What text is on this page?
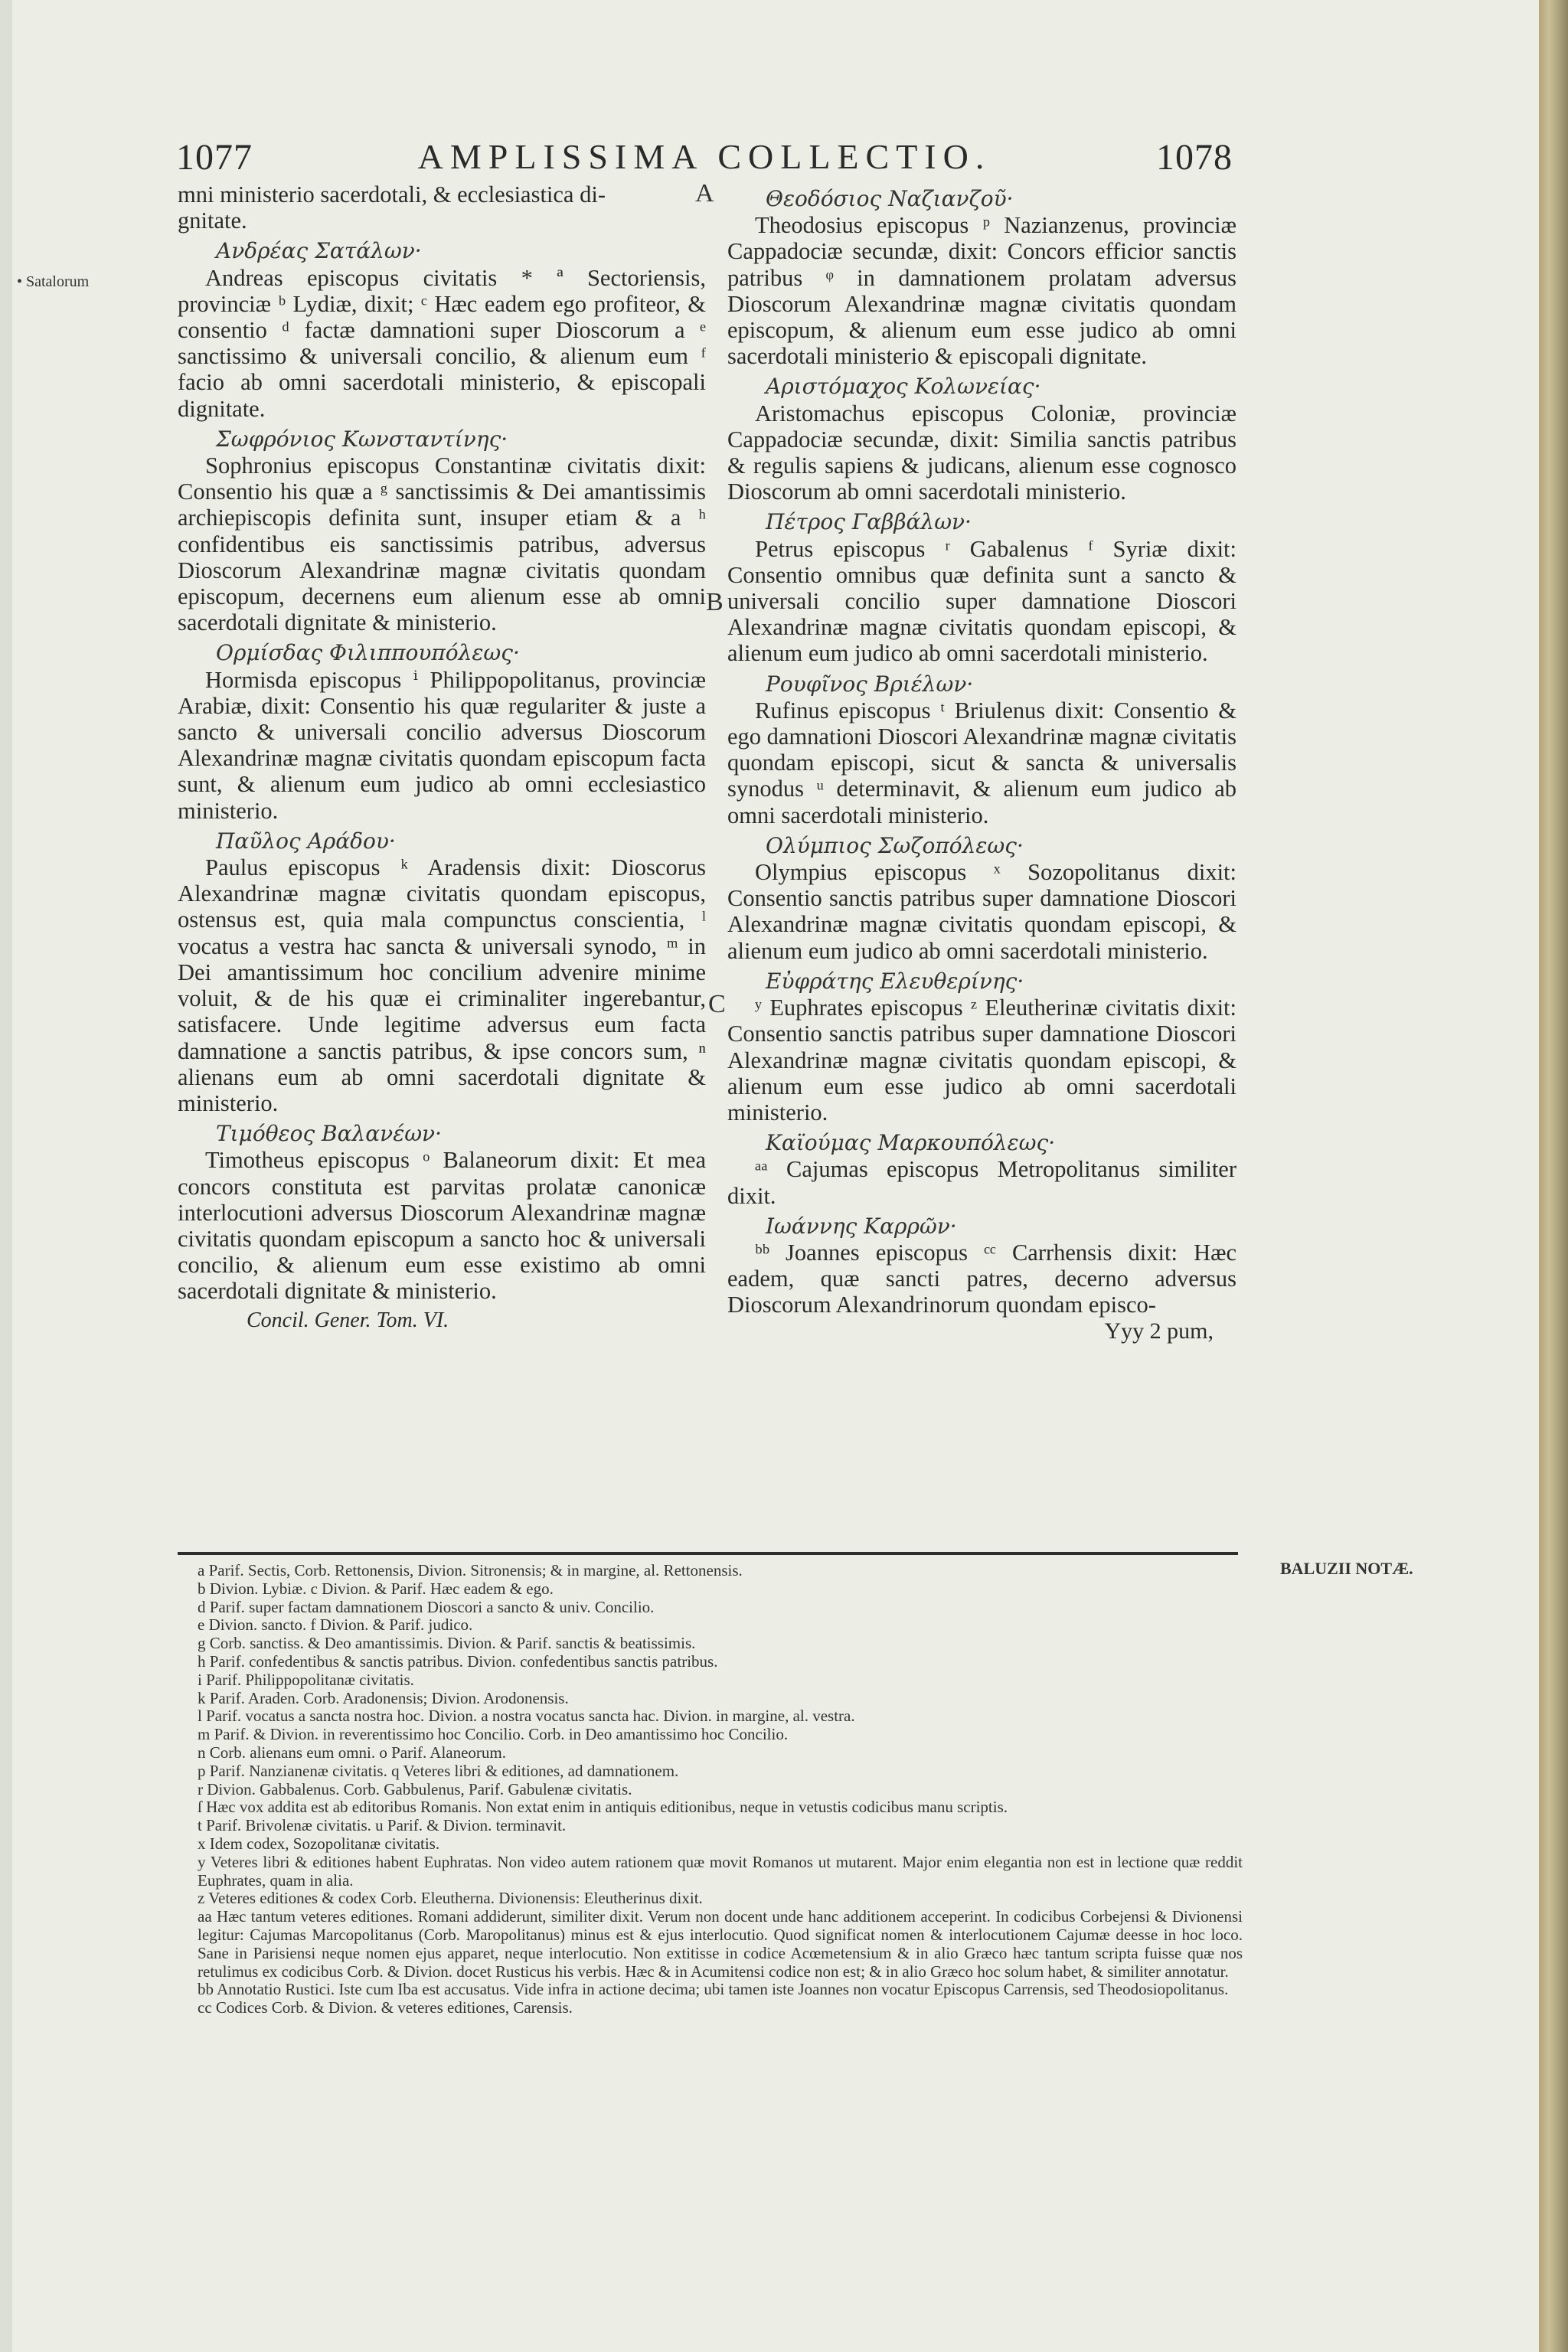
1077	AMPLISSIMA COLLECTIO.	1078
• Satalorum
A
B
C

mni ministerio sacerdotali, & ecclesiastica di-

gnitate.

Ανδρέας Σατάλων·

Andreas episcopus civitatis * ª Sectoriensis, provinciæ ᵇ Lydiæ, dixit; ᶜ Hæc eadem ego profiteor, & consentio ᵈ factæ damnationi super Dioscorum a ᵉ sanctissimo & universali concilio, & alienum eum ᶠ facio ab omni sacerdotali ministerio, & episcopali dignitate.

Σωφρόνιος Κωνσταντίνης·

Sophronius episcopus Constantinæ civitatis dixit: Consentio his quæ a ᵍ sanctissimis & Dei amantissimis archiepiscopis definita sunt, insuper etiam & a ʰ confidentibus eis sanctissimis patribus, adversus Dioscorum Alexandrinæ magnæ civitatis quondam episcopum, decernens eum alienum esse ab omni sacerdotali dignitate & ministerio.

Ορμίσδας Φιλιππουπόλεως·

Hormisda episcopus ⁱ Philippopolitanus, provinciæ Arabiæ, dixit: Consentio his quæ regulariter & juste a sancto & universali concilio adversus Dioscorum Alexandrinæ magnæ civitatis quondam episcopum facta sunt, & alienum eum judico ab omni ecclesiastico ministerio.

Παῦλος Αράδου·

Paulus episcopus ᵏ Aradensis dixit: Dioscorus Alexandrinæ magnæ civitatis quondam episcopus, ostensus est, quia mala compunctus conscientia, ˡ vocatus a vestra hac sancta & universali synodo, ᵐ in Dei amantissimum hoc concilium advenire minime voluit, & de his quæ ei criminaliter ingerebantur, satisfacere. Unde legitime adversus eum facta damnatione a sanctis patribus, & ipse concors sum, ⁿ alienans eum ab omni sacerdotali dignitate & ministerio.

Τιμόθεος Βαλανέων·

Timotheus episcopus ᵒ Balaneorum dixit: Et mea concors constituta est parvitas prolatæ canonicæ interlocutioni adversus Dioscorum Alexandrinæ magnæ civitatis quondam episcopum a sancto hoc & universali concilio, & alienum eum esse existimo ab omni sacerdotali dignitate & ministerio.

Concil. Gener. Tom. VI.

Θεοδόσιος Ναζιανζοῦ·

Theodosius episcopus ᵖ Nazianzenus, provinciæ Cappadociæ secundæ, dixit: Concors efficior sanctis patribus ᵠ in damnationem prolatam adversus Dioscorum Alexandrinæ magnæ civitatis quondam episcopum, & alienum eum esse judico ab omni sacerdotali ministerio & episcopali dignitate.

Αριστόμαχος Κολωνείας·

Aristomachus episcopus Coloniæ, provinciæ Cappadociæ secundæ, dixit: Similia sanctis patribus & regulis sapiens & judicans, alienum esse cognosco Dioscorum ab omni sacerdotali ministerio.

Πέτρος Γαββάλων·

Petrus episcopus ʳ Gabalenus ᶠ Syriæ dixit: Consentio omnibus quæ definita sunt a sancto & universali concilio super damnatione Dioscori Alexandrinæ magnæ civitatis quondam episcopi, & alienum eum judico ab omni sacerdotali ministerio.

Ρουφῖνος Βριέλων·

Rufinus episcopus ᵗ Briulenus dixit: Consentio & ego damnationi Dioscori Alexandrinæ magnæ civitatis quondam episcopi, sicut & sancta & universalis synodus ᵘ determinavit, & alienum eum judico ab omni sacerdotali ministerio.

Ολύμπιος Σωζοπόλεως·

Olympius episcopus ˣ Sozopolitanus dixit: Consentio sanctis patribus super damnatione Dioscori Alexandrinæ magnæ civitatis quondam episcopi, & alienum eum judico ab omni sacerdotali ministerio.

Εὐφράτης Ελευθερίνης·

ʸ Euphrates episcopus ᶻ Eleutherinæ civitatis dixit: Consentio sanctis patribus super damnatione Dioscori Alexandrinæ magnæ civitatis quondam episcopi, & alienum eum esse judico ab omni sacerdotali ministerio.

Καϊούμας Μαρκουπόλεως·

ᵃᵃ Cajumas episcopus Metropolitanus similiter dixit.

Ιωάννης Καρρῶν·

ᵇᵇ Joannes episcopus ᶜᶜ Carrhensis dixit: Hæc eadem, quæ sancti patres, decerno adversus Dioscorum Alexandrinorum quondam episco-

Yyy 2 pum,

BALUZII NOTÆ.

a Parif. Sectis, Corb. Rettonensis, Divion. Sitronensis; & in margine, al. Rettonensis.

b Divion. Lybiæ. c Divion. & Parif. Hæc eadem & ego.

d Parif. super factam damnationem Dioscori a sancto & univ. Concilio.

e Divion. sancto. f Divion. & Parif. judico.

g Corb. sanctiss. & Deo amantissimis. Divion. & Parif. sanctis & beatissimis.

h Parif. confedentibus & sanctis patribus. Divion. confedentibus sanctis patribus.

i Parif. Philippopolitanæ civitatis.

k Parif. Araden. Corb. Aradonensis; Divion. Arodonensis.

l Parif. vocatus a sancta nostra hoc. Divion. a nostra vocatus sancta hac. Divion. in margine, al. vestra.

m Parif. & Divion. in reverentissimo hoc Concilio. Corb. in Deo amantissimo hoc Concilio.

n Corb. alienans eum omni. o Parif. Alaneorum.

p Parif. Nanzianenæ civitatis. q Veteres libri & editiones, ad damnationem.

r Divion. Gabbalenus. Corb. Gabbulenus, Parif. Gabulenæ civitatis.

ſ Hæc vox addita est ab editoribus Romanis. Non extat enim in antiquis editionibus, neque in vetustis codicibus manu scriptis.

t Parif. Brivolenæ civitatis. u Parif. & Divion. terminavit.

x Idem codex, Sozopolitanæ civitatis.

y Veteres libri & editiones habent Euphratas. Non video autem rationem quæ movit Romanos ut mutarent. Major enim elegantia non est in lectione quæ reddit Euphrates, quam in alia.

z Veteres editiones & codex Corb. Eleutherna. Divionensis: Eleutherinus dixit.

aa Hæc tantum veteres editiones. Romani addiderunt, similiter dixit. Verum non docent unde hanc additionem acceperint. In codicibus Corbejensi & Divionensi legitur: Cajumas Marcopolitanus (Corb. Maropolitanus) minus est & ejus interlocutio. Quod significat nomen & interlocutionem Cajumæ deesse in hoc loco. Sane in Parisiensi neque nomen ejus apparet, neque interlocutio. Non extitisse in codice Acœmetensium & in alio Græco hæc tantum scripta fuisse quæ nos retulimus ex codicibus Corb. & Divion. docet Rusticus his verbis. Hæc & in Acumitensi codice non est; & in alio Græco hoc solum habet, & similiter annotatur.

bb Annotatio Rustici. Iste cum Iba est accusatus. Vide infra in actione decima; ubi tamen iste Joannes non vocatur Episcopus Carrensis, sed Theodosiopolitanus.

cc Codices Corb. & Divion. & veteres editiones, Carensis.
